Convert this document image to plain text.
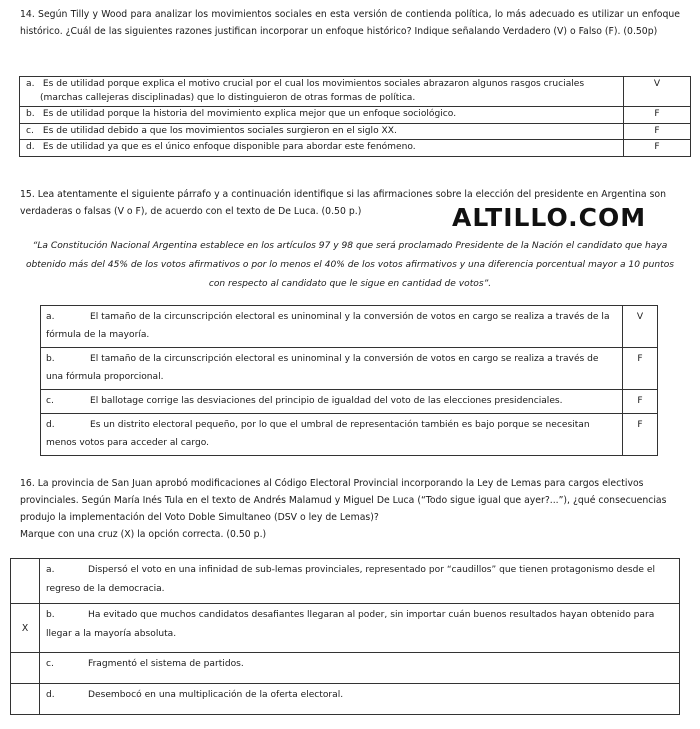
14. Según Tilly y Wood para analizar los movimientos sociales en esta versión de contienda política, lo más adecuado es utilizar un enfoque histórico. ¿Cuál de las siguientes razones justifican incorporar un enfoque histórico? Indique señalando Verdadero (V) o Falso (F). (0.50p)
a. Es de utilidad porque explica el motivo crucial por el cual los movimientos sociales abrazaron algunos rasgos cruciales (marchas callejeras disciplinadas) que lo distinguieron de otras formas de política.	V
b. Es de utilidad porque la historia del movimiento explica mejor que un enfoque sociológico.	F
c. Es de utilidad debido a que los movimientos sociales surgieron en el siglo XX.	F
d. Es de utilidad ya que es el único enfoque disponible para abordar este fenómeno.	F
15. Lea atentamente el siguiente párrafo y a continuación identifique si las afirmaciones sobre la elección del presidente en Argentina son verdaderas o falsas (V o F), de acuerdo con el texto de De Luca. (0.50 p.)	ALTILLO.COM
“La Constitución Nacional Argentina establece en los artículos 97 y 98 que será proclamado Presidente de la Nación el candidato que haya obtenido más del 45% de los votos afirmativos o por lo menos el 40% de los votos afirmativos y una diferencia porcentual mayor a 10 puntos con respecto al candidato que le sigue en cantidad de votos”.
a. El tamaño de la circunscripción electoral es uninominal y la conversión de votos en cargo se realiza a través de la fórmula de la mayoría.	V
b. El tamaño de la circunscripción electoral es uninominal y la conversión de votos en cargo se realiza a través de una fórmula proporcional.	F
c. El ballotage corrige las desviaciones del principio de igualdad del voto de las elecciones presidenciales.	F
d. Es un distrito electoral pequeño, por lo que el umbral de representación también es bajo porque se necesitan menos votos para acceder al cargo.	F
16. La provincia de San Juan aprobó modificaciones al Código Electoral Provincial incorporando la Ley de Lemas para cargos electivos provinciales. Según María Inés Tula en el texto de Andrés Malamud y Miguel De Luca (“Todo sigue igual que ayer?...”), ¿qué consecuencias produjo la implementación del Voto Doble Simultaneo (DSV o ley de Lemas)?
Marque con una cruz (X) la opción correcta. (0.50 p.)
	a. Dispersó el voto en una infinidad de sub-lemas provinciales, representado por “caudillos” que tienen protagonismo desde el regreso de la democracia.
X	b. Ha evitado que muchos candidatos desafiantes llegaran al poder, sin importar cuán buenos resultados hayan obtenido para llegar a la mayoría absoluta.
	c. Fragmentó el sistema de partidos.
	d. Desembocó en una multiplicación de la oferta electoral.
